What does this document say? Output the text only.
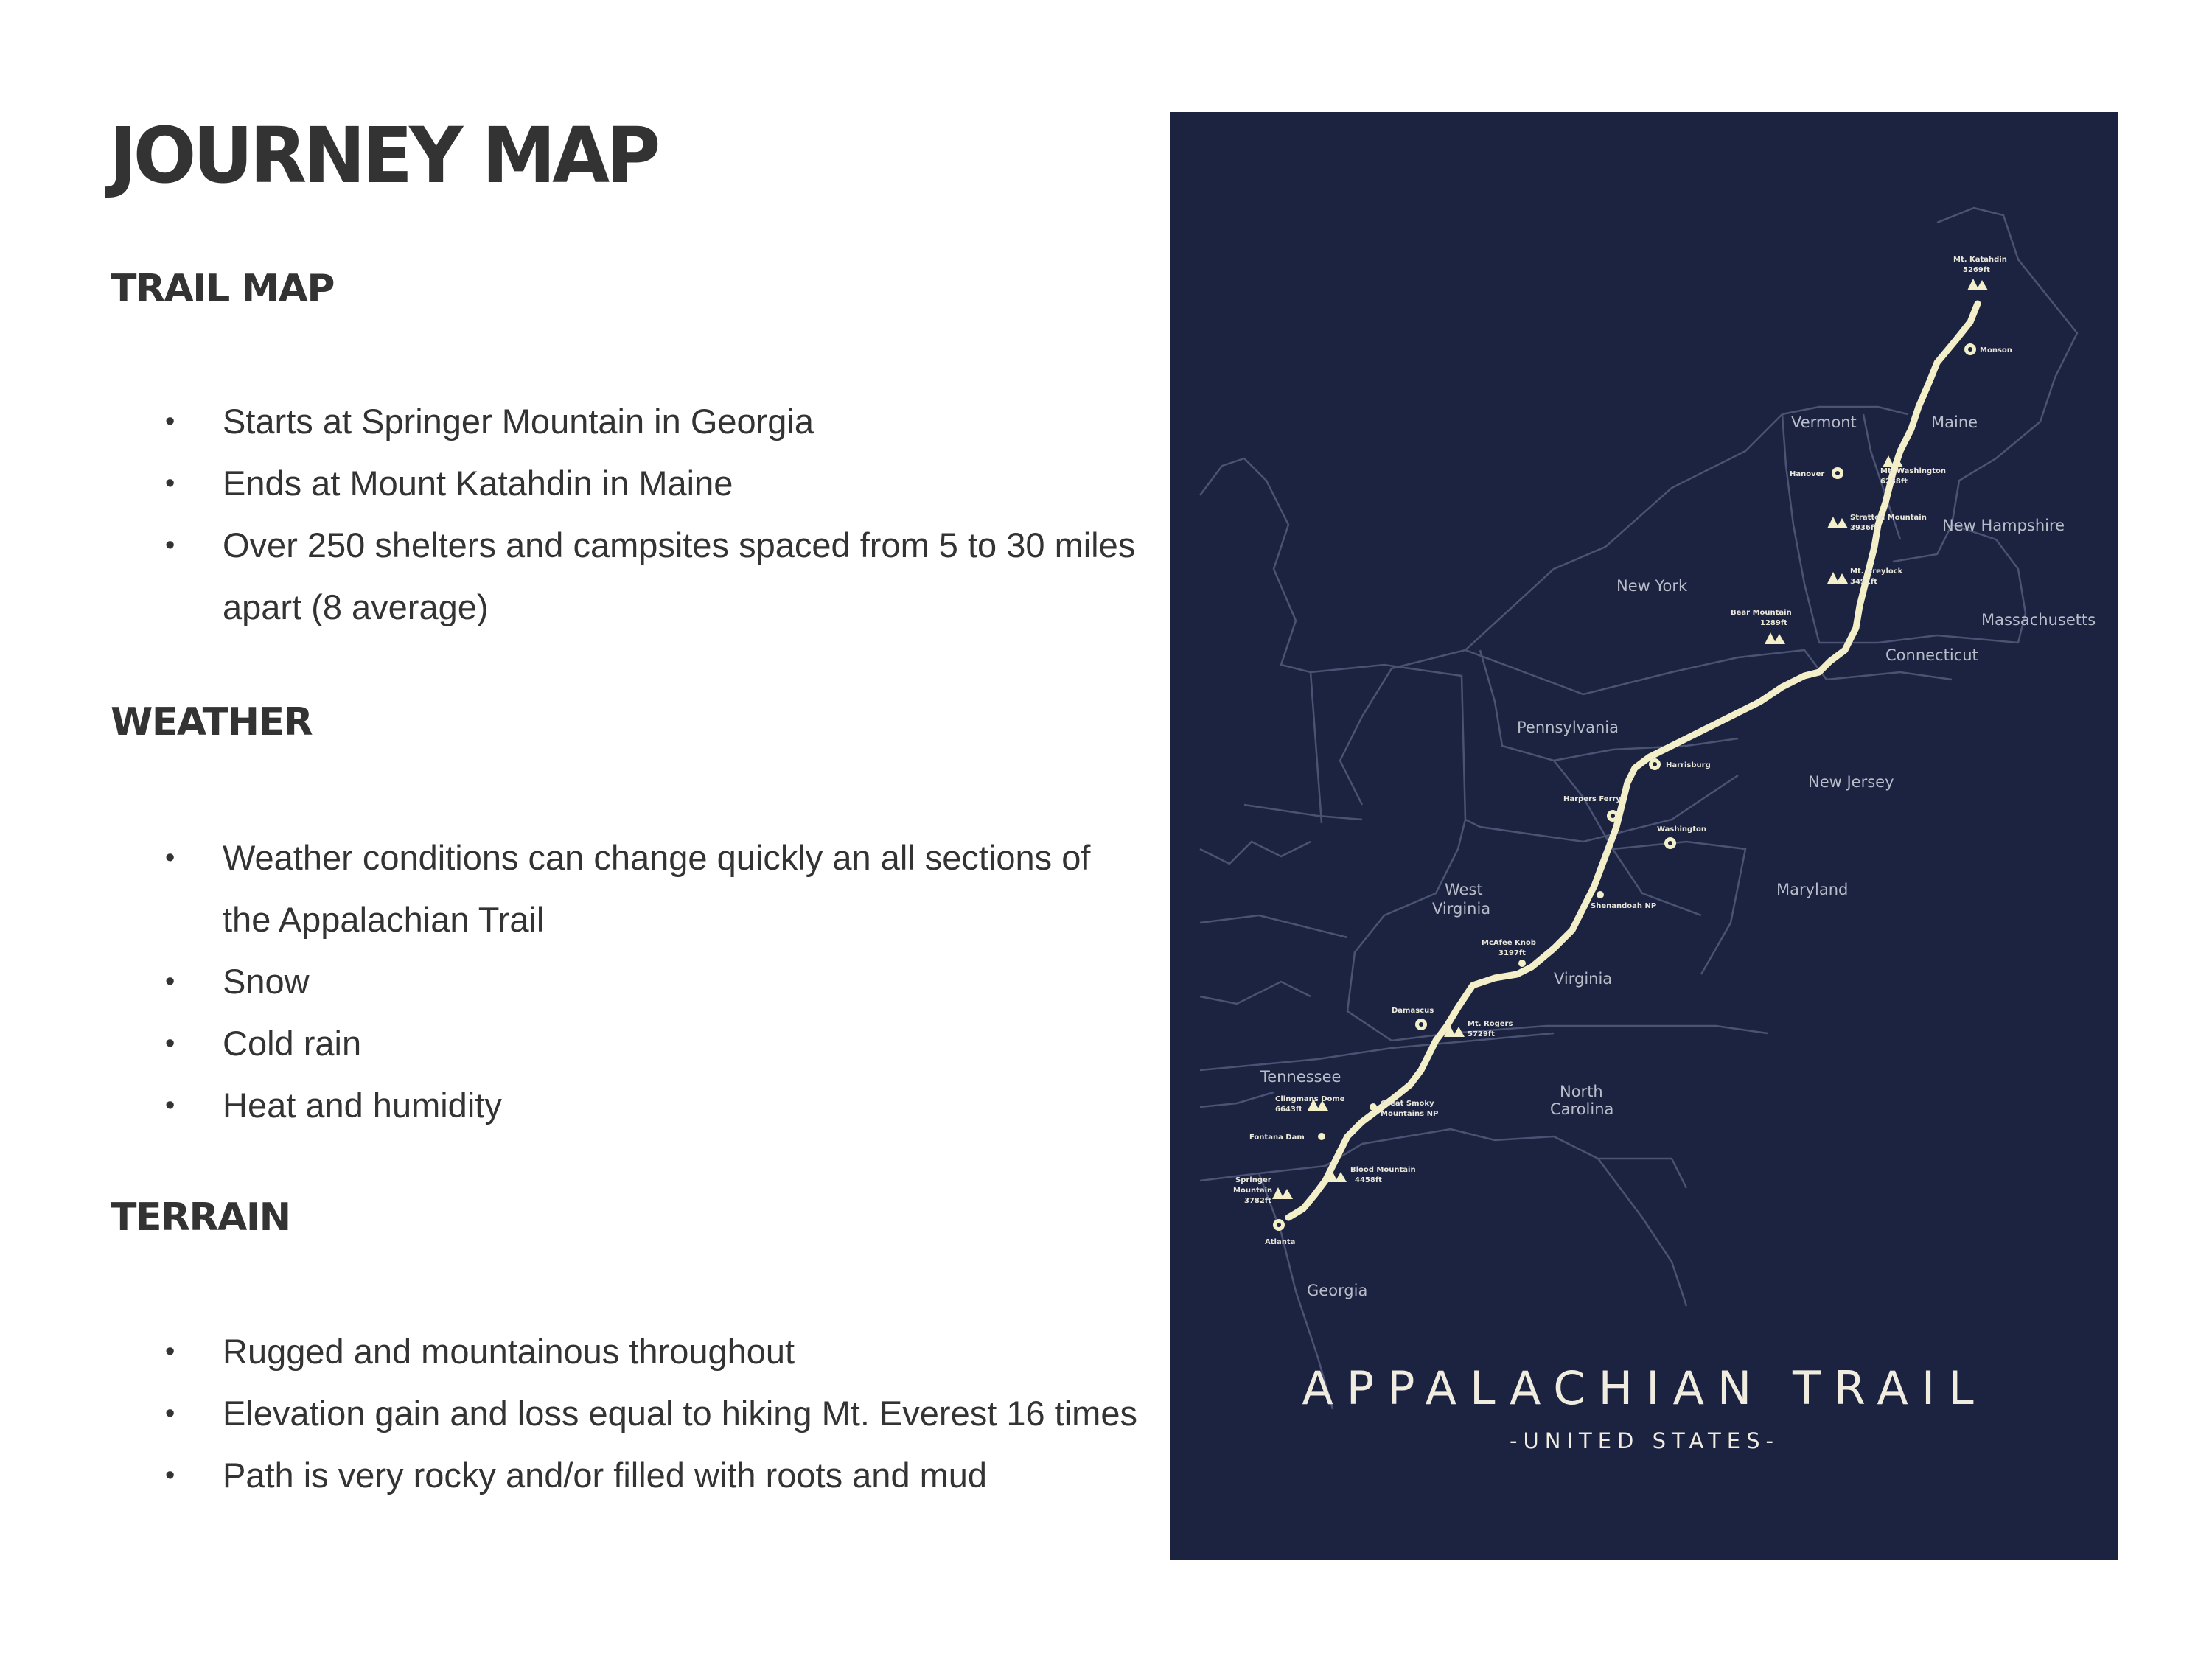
JOURNEY MAP
TRAIL MAP
• Starts at Springer Mountain in Georgia
• Ends at Mount Katahdin in Maine
• Over 250 shelters and campsites spaced from 5 to 30 miles apart (8 average)
WEATHER
• Weather conditions can change quickly an all sections of the Appalachian Trail
• Snow
• Cold rain
• Heat and humidity
TERRAIN
• Rugged and mountainous throughout
• Elevation gain and loss equal to hiking Mt. Everest 16 times
• Path is very rocky and/or filled with roots and mud
Vermont	Maine
New Hampshire
New York
Massachusetts
Connecticut
Pennsylvania
New Jersey
Maryland
West
Virginia
Virginia
Tennessee
North
Carolina
Georgia
Mt. Katahdin
5269ft
Monson
Hanover	Mt. Washington
6288ft
Stratton Mountain
3936ft
Mt. Greylock
3491ft
Bear Mountain
1289ft
Harrisburg
Harpers Ferry
Washington
Shenandoah NP
McAfee Knob
3197ft
Damascus
Mt. Rogers
5729ft
Clingmans Dome
6643ft
Great Smoky
Mountains NP
Fontana Dam
Blood Mountain
4458ft
Springer
Mountain
3782ft
Atlanta
APPALACHIAN TRAIL
-UNITED STATES-
